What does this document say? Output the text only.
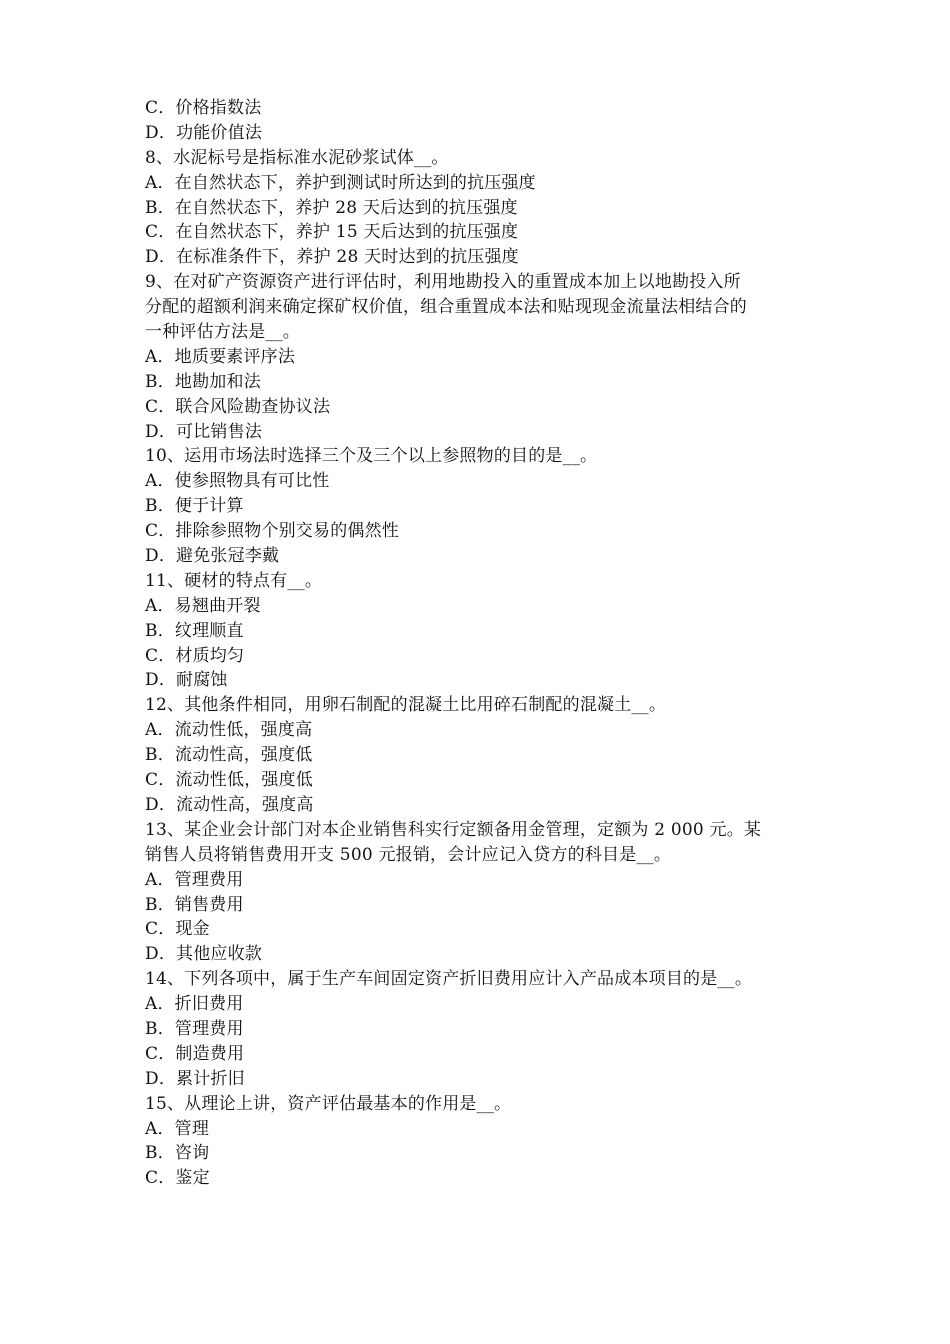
C．价格指数法
D．功能价值法
8、水泥标号是指标准水泥砂浆试体__。
A．在自然状态下，养护到测试时所达到的抗压强度
B．在自然状态下，养护 28 天后达到的抗压强度
C．在自然状态下，养护 15 天后达到的抗压强度
D．在标准条件下，养护 28 天时达到的抗压强度
9、在对矿产资源资产进行评估时，利用地勘投入的重置成本加上以地勘投入所
分配的超额利润来确定探矿权价值，组合重置成本法和贴现现金流量法相结合的
一种评估方法是__。
A．地质要素评序法
B．地勘加和法
C．联合风险勘查协议法
D．可比销售法
10、运用市场法时选择三个及三个以上参照物的目的是__。
A．使参照物具有可比性
B．便于计算
C．排除参照物个别交易的偶然性
D．避免张冠李戴
11、硬材的特点有__。
A．易翘曲开裂
B．纹理顺直
C．材质均匀
D．耐腐蚀
12、其他条件相同，用卵石制配的混凝土比用碎石制配的混凝土__。
A．流动性低，强度高
B．流动性高，强度低
C．流动性低，强度低
D．流动性高，强度高
13、某企业会计部门对本企业销售科实行定额备用金管理，定额为 2 000 元。某
销售人员将销售费用开支 500 元报销，会计应记入贷方的科目是__。
A．管理费用
B．销售费用
C．现金
D．其他应收款
14、下列各项中，属于生产车间固定资产折旧费用应计入产品成本项目的是__。
A．折旧费用
B．管理费用
C．制造费用
D．累计折旧
15、从理论上讲，资产评估最基本的作用是__。
A．管理
B．咨询
C．鉴定
